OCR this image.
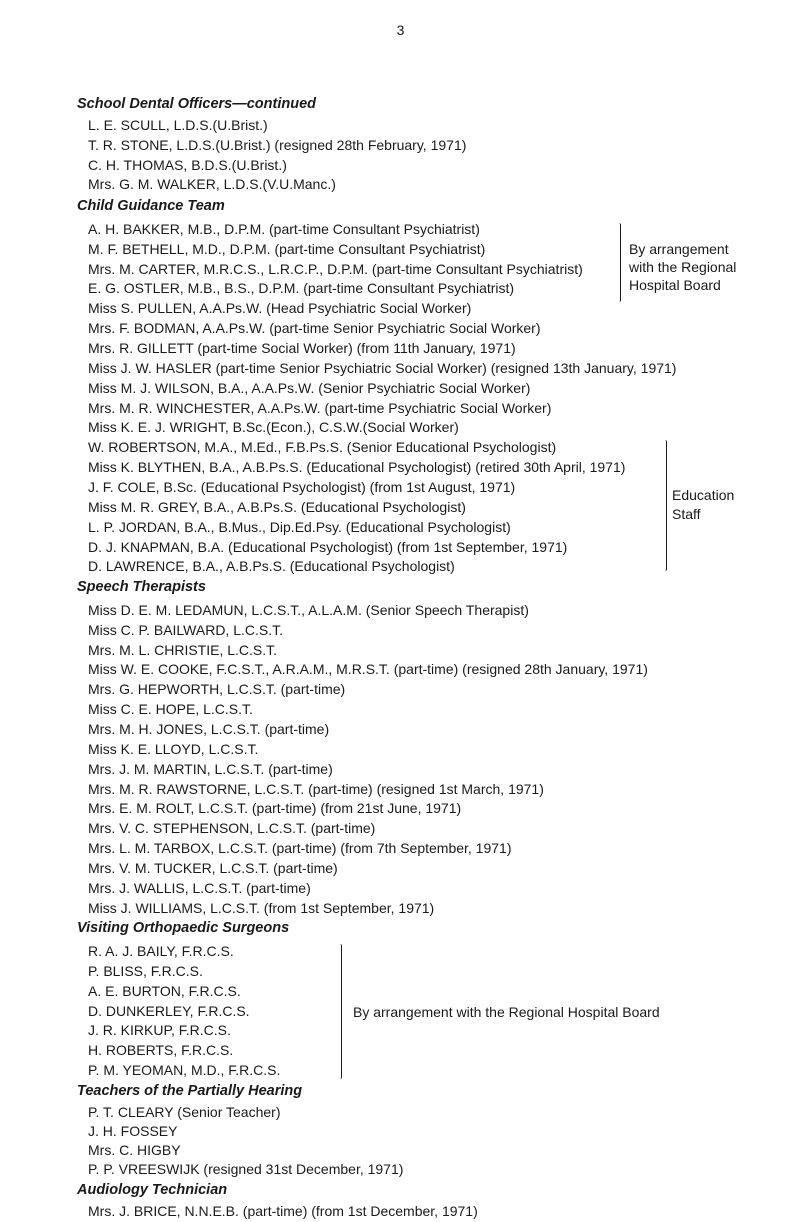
3
School Dental Officers—continued
L. E. SCULL, L.D.S.(U.Brist.)
T. R. STONE, L.D.S.(U.Brist.) (resigned 28th February, 1971)
C. H. THOMAS, B.D.S.(U.Brist.)
Mrs. G. M. WALKER, L.D.S.(V.U.Manc.)
Child Guidance Team
A. H. BAKKER, M.B., D.P.M. (part-time Consultant Psychiatrist)
M. F. BETHELL, M.D., D.P.M. (part-time Consultant Psychiatrist)
Mrs. M. CARTER, M.R.C.S., L.R.C.P., D.P.M. (part-time Consultant Psychiatrist)
E. G. OSTLER, M.B., B.S., D.P.M. (part-time Consultant Psychiatrist)
Miss S. PULLEN, A.A.Ps.W. (Head Psychiatric Social Worker)
Mrs. F. BODMAN, A.A.Ps.W. (part-time Senior Psychiatric Social Worker)
Mrs. R. GILLETT (part-time Social Worker) (from 11th January, 1971)
Miss J. W. HASLER (part-time Senior Psychiatric Social Worker) (resigned 13th January, 1971)
Miss M. J. WILSON, B.A., A.A.Ps.W. (Senior Psychiatric Social Worker)
Mrs. M. R. WINCHESTER, A.A.Ps.W. (part-time Psychiatric Social Worker)
Miss K. E. J. WRIGHT, B.Sc.(Econ.), C.S.W.(Social Worker)
W. ROBERTSON, M.A., M.Ed., F.B.Ps.S. (Senior Educational Psychologist)
Miss K. BLYTHEN, B.A., A.B.Ps.S. (Educational Psychologist) (retired 30th April, 1971)
J. F. COLE, B.Sc. (Educational Psychologist) (from 1st August, 1971)
Miss M. R. GREY, B.A., A.B.Ps.S. (Educational Psychologist)
L. P. JORDAN, B.A., B.Mus., Dip.Ed.Psy. (Educational Psychologist)
D. J. KNAPMAN, B.A. (Educational Psychologist) (from 1st September, 1971)
D. LAWRENCE, B.A., A.B.Ps.S. (Educational Psychologist)
By arrangement
with the Regional
Hospital Board
Education
Staff
Speech Therapists
Miss D. E. M. LEDAMUN, L.C.S.T., A.L.A.M. (Senior Speech Therapist)
Miss C. P. BAILWARD, L.C.S.T.
Mrs. M. L. CHRISTIE, L.C.S.T.
Miss W. E. COOKE, F.C.S.T., A.R.A.M., M.R.S.T. (part-time) (resigned 28th January, 1971)
Mrs. G. HEPWORTH, L.C.S.T. (part-time)
Miss C. E. HOPE, L.C.S.T.
Mrs. M. H. JONES, L.C.S.T. (part-time)
Miss K. E. LLOYD, L.C.S.T.
Mrs. J. M. MARTIN, L.C.S.T. (part-time)
Mrs. M. R. RAWSTORNE, L.C.S.T. (part-time) (resigned 1st March, 1971)
Mrs. E. M. ROLT, L.C.S.T. (part-time) (from 21st June, 1971)
Mrs. V. C. STEPHENSON, L.C.S.T. (part-time)
Mrs. L. M. TARBOX, L.C.S.T. (part-time) (from 7th September, 1971)
Mrs. V. M. TUCKER, L.C.S.T. (part-time)
Mrs. J. WALLIS, L.C.S.T. (part-time)
Miss J. WILLIAMS, L.C.S.T. (from 1st September, 1971)
Visiting Orthopaedic Surgeons
R. A. J. BAILY, F.R.C.S.
P. BLISS, F.R.C.S.
A. E. BURTON, F.R.C.S.
D. DUNKERLEY, F.R.C.S.
J. R. KIRKUP, F.R.C.S.
H. ROBERTS, F.R.C.S.
P. M. YEOMAN, M.D., F.R.C.S.
By arrangement with the Regional Hospital Board
Teachers of the Partially Hearing
P. T. CLEARY (Senior Teacher)
J. H. FOSSEY
Mrs. C. HIGBY
P. P. VREESWIJK (resigned 31st December, 1971)
Audiology Technician
Mrs. J. BRICE, N.N.E.B. (part-time) (from 1st December, 1971)
